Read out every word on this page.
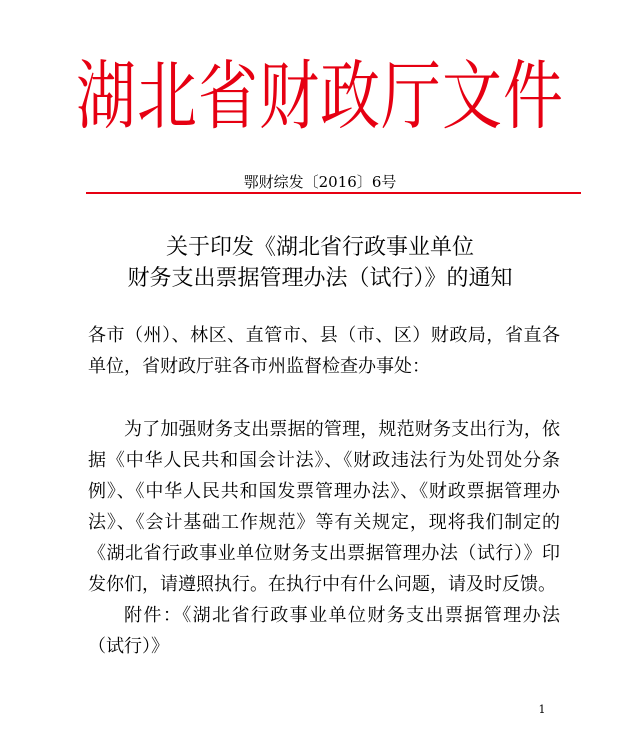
湖北省财政厅文件
鄂财综发〔2016〕6号
关于印发《湖北省行政事业单位
财务支出票据管理办法（试行）》的通知
各市（州）、林区、直管市、县（市、区）财政局，省直各单位，省财政厅驻各市州监督检查办事处：
为了加强财务支出票据的管理，规范财务支出行为，依据《中华人民共和国会计法》、《财政违法行为处罚处分条例》、《中华人民共和国发票管理办法》、《财政票据管理办法》、《会计基础工作规范》等有关规定，现将我们制定的《湖北省行政事业单位财务支出票据管理办法（试行）》印发你们，请遵照执行。在执行中有什么问题，请及时反馈。
附件：《湖北省行政事业单位财务支出票据管理办法（试行）》
1
